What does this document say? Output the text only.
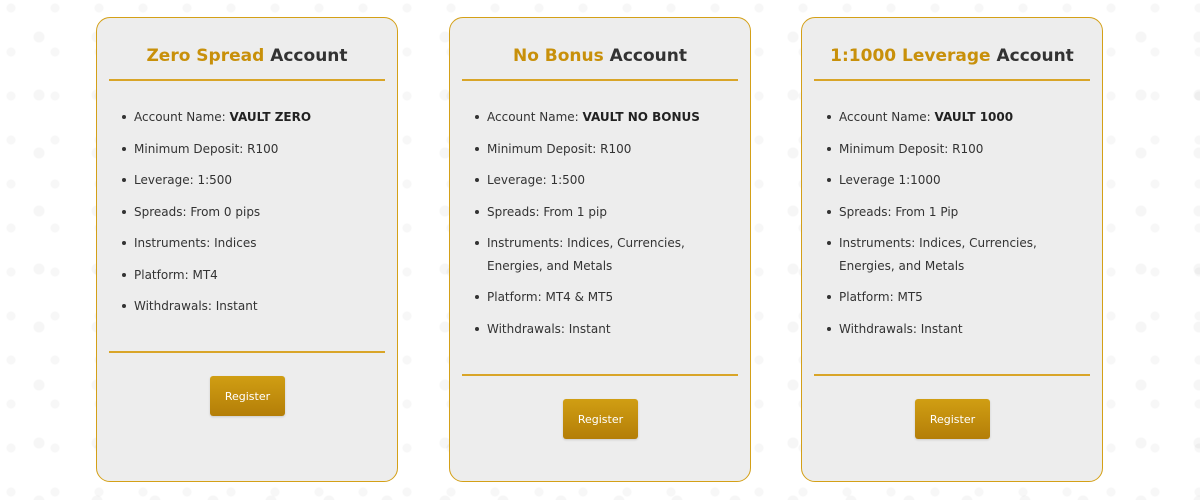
Zero Spread Account
Account Name: VAULT ZERO
Minimum Deposit: R100
Leverage: 1:500
Spreads: From 0 pips
Instruments: Indices
Platform: MT4
Withdrawals: Instant
Register
No Bonus Account
Account Name: VAULT NO BONUS
Minimum Deposit: R100
Leverage: 1:500
Spreads: From 1 pip
Instruments: Indices, Currencies, Energies, and Metals
Platform: MT4 & MT5
Withdrawals: Instant
Register
1:1000 Leverage Account
Account Name: VAULT 1000
Minimum Deposit: R100
Leverage 1:1000
Spreads: From 1 Pip
Instruments: Indices, Currencies, Energies, and Metals
Platform: MT5
Withdrawals: Instant
Register
